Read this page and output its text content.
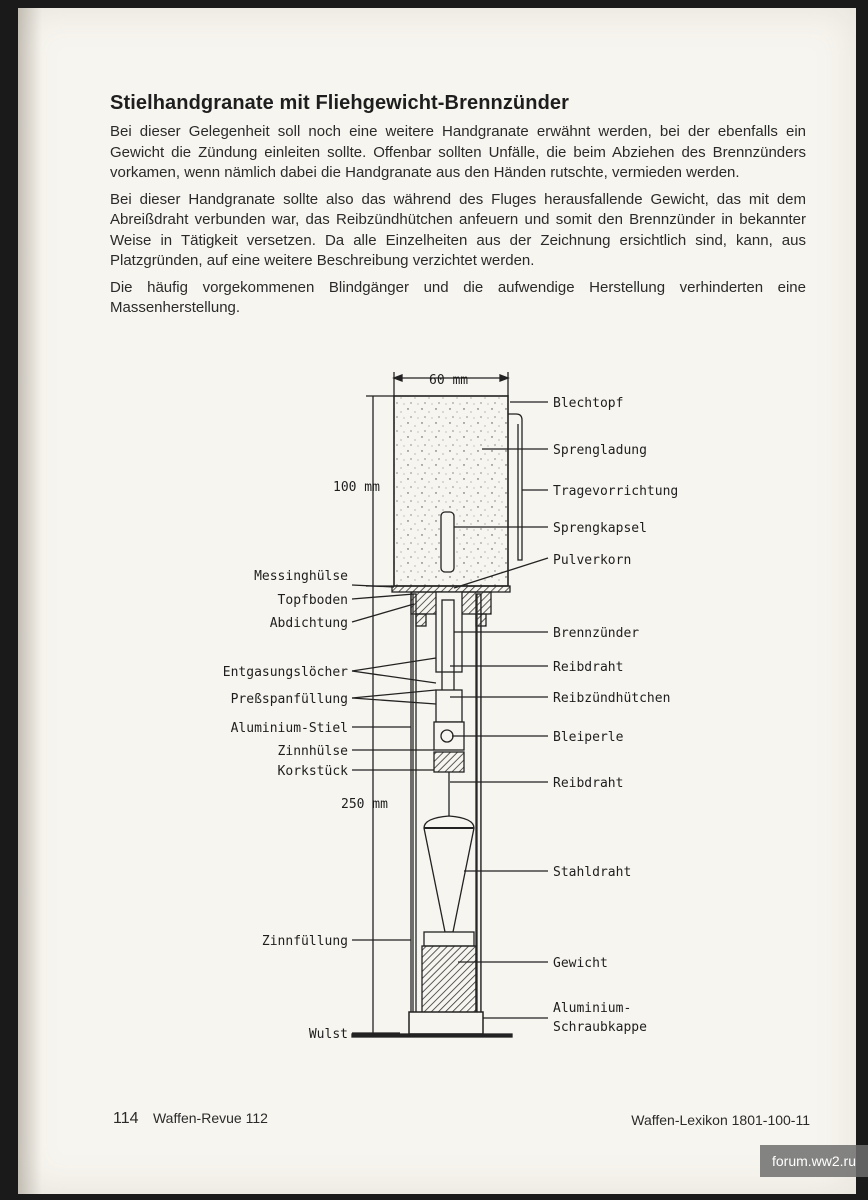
Stielhandgranate mit Fliehgewicht-Brennzünder

Bei dieser Gelegenheit soll noch eine weitere Handgranate erwähnt werden, bei der ebenfalls ein Gewicht die Zündung einleiten sollte. Offenbar sollten Unfälle, die beim Abziehen des Brennzünders vorkamen, wenn nämlich dabei die Handgranate aus den Händen rutschte, vermieden werden.

Bei dieser Handgranate sollte also das während des Fluges herausfallende Gewicht, das mit dem Abreißdraht verbunden war, das Reibzündhütchen anfeuern und somit den Brennzünder in bekannter Weise in Tätigkeit versetzen. Da alle Einzelheiten aus der Zeichnung ersichtlich sind, kann, aus Platzgründen, auf eine weitere Beschreibung verzichtet werden.

Die häufig vorgekommenen Blindgänger und die aufwendige Herstellung verhinderten eine Massenherstellung.

114 Waffen-Revue 112	Waffen-Lexikon 1801-100-11
60 mm
100 mm
250 mm
Blechtopf
Sprengladung
Tragevorrichtung
Sprengkapsel
Pulverkorn
Brennzünder
Reibdraht
Reibzündhütchen
Bleiperle
Reibdraht
Stahldraht
Gewicht
Aluminium-
Schraubkappe
Messinghülse
Topfboden
Abdichtung
Entgasungslöcher
Preßspanfüllung
Aluminium-Stiel
Zinnhülse
Korkstück
Zinnfüllung
Wulst
forum.ww2.ru
